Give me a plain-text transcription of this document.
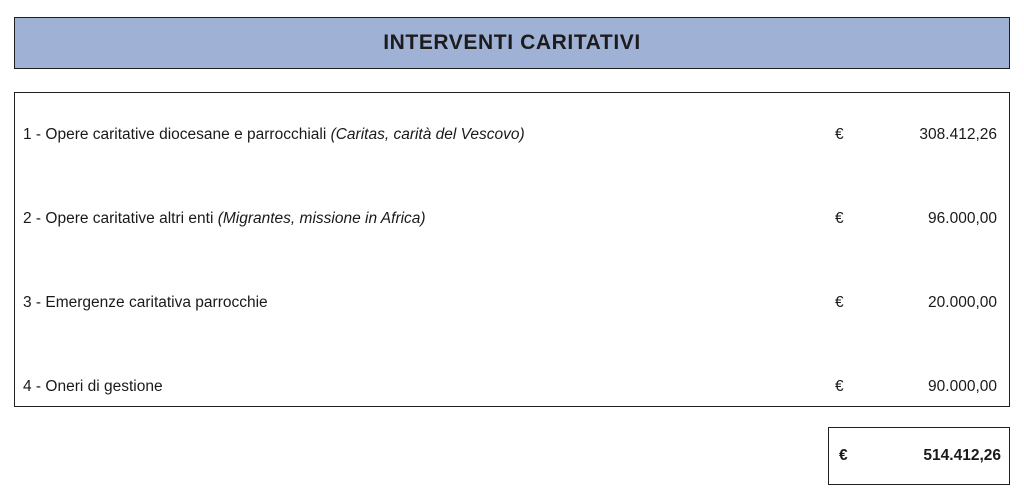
INTERVENTI CARITATIVI
1 - Opere caritative diocesane e parrocchiali (Caritas, carità del Vescovo)	€	308.412,26
2 - Opere caritative altri enti (Migrantes, missione in Africa)	€	96.000,00
3 - Emergenze caritativa parrocchie	€	20.000,00
4 - Oneri di gestione	€	90.000,00
€	514.412,26
